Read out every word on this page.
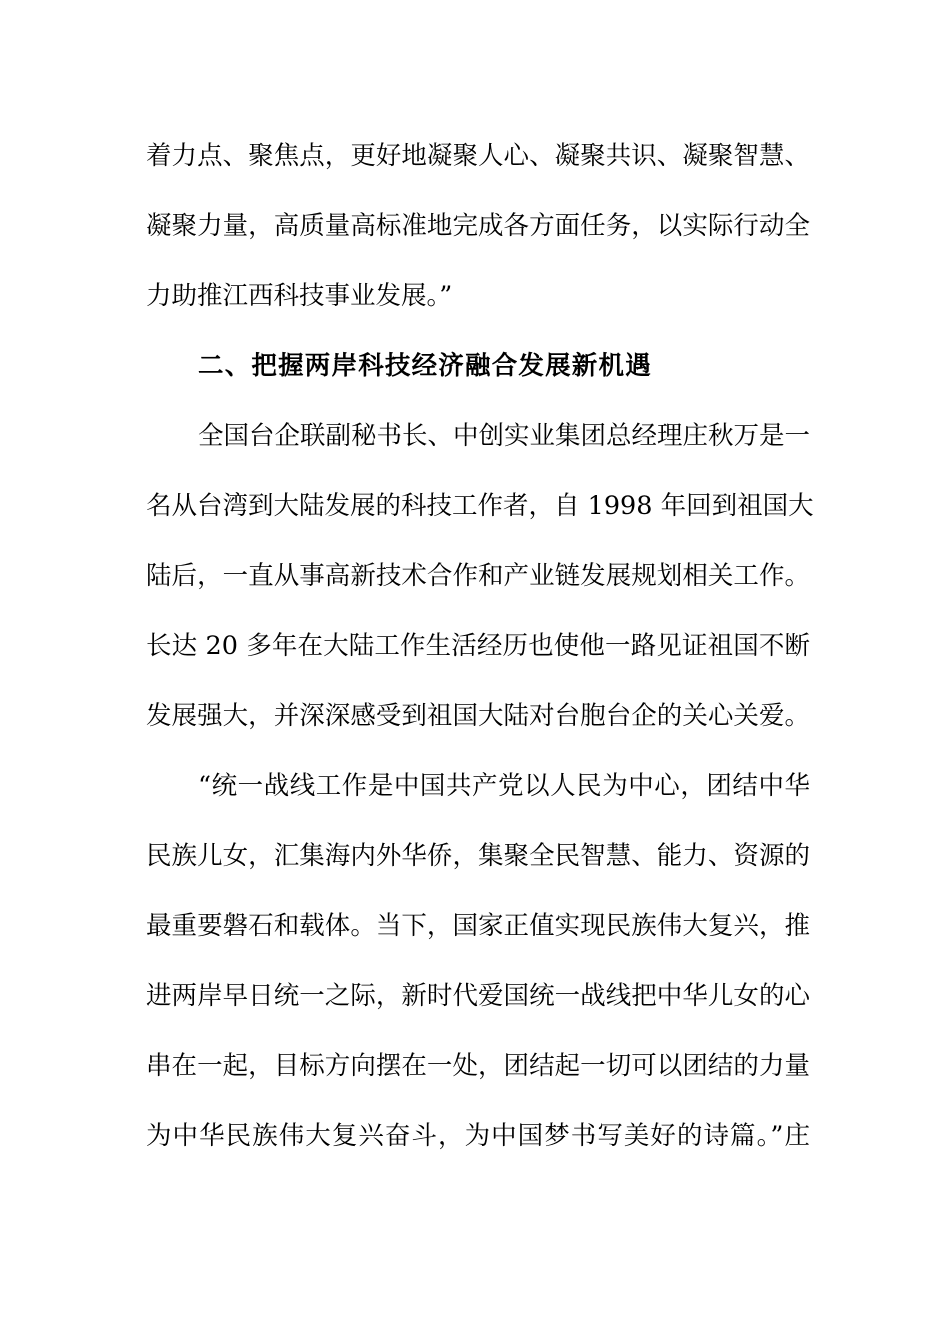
着力点、聚焦点，更好地凝聚人心、凝聚共识、凝聚智慧、
凝聚力量，高质量高标准地完成各方面任务，以实际行动全
力助推江西科技事业发展。”
二、把握两岸科技经济融合发展新机遇
全国台企联副秘书长、中创实业集团总经理庄秋万是一
名从台湾到大陆发展的科技工作者，自 1998 年回到祖国大
陆后，一直从事高新技术合作和产业链发展规划相关工作。
长达 20 多年在大陆工作生活经历也使他一路见证祖国不断
发展强大，并深深感受到祖国大陆对台胞台企的关心关爱。
“统一战线工作是中国共产党以人民为中心，团结中华
民族儿女，汇集海内外华侨，集聚全民智慧、能力、资源的
最重要磐石和载体。当下，国家正值实现民族伟大复兴，推
进两岸早日统一之际，新时代爱国统一战线把中华儿女的心
串在一起，目标方向摆在一处，团结起一切可以团结的力量
为中华民族伟大复兴奋斗，为中国梦书写美好的诗篇。”庄
